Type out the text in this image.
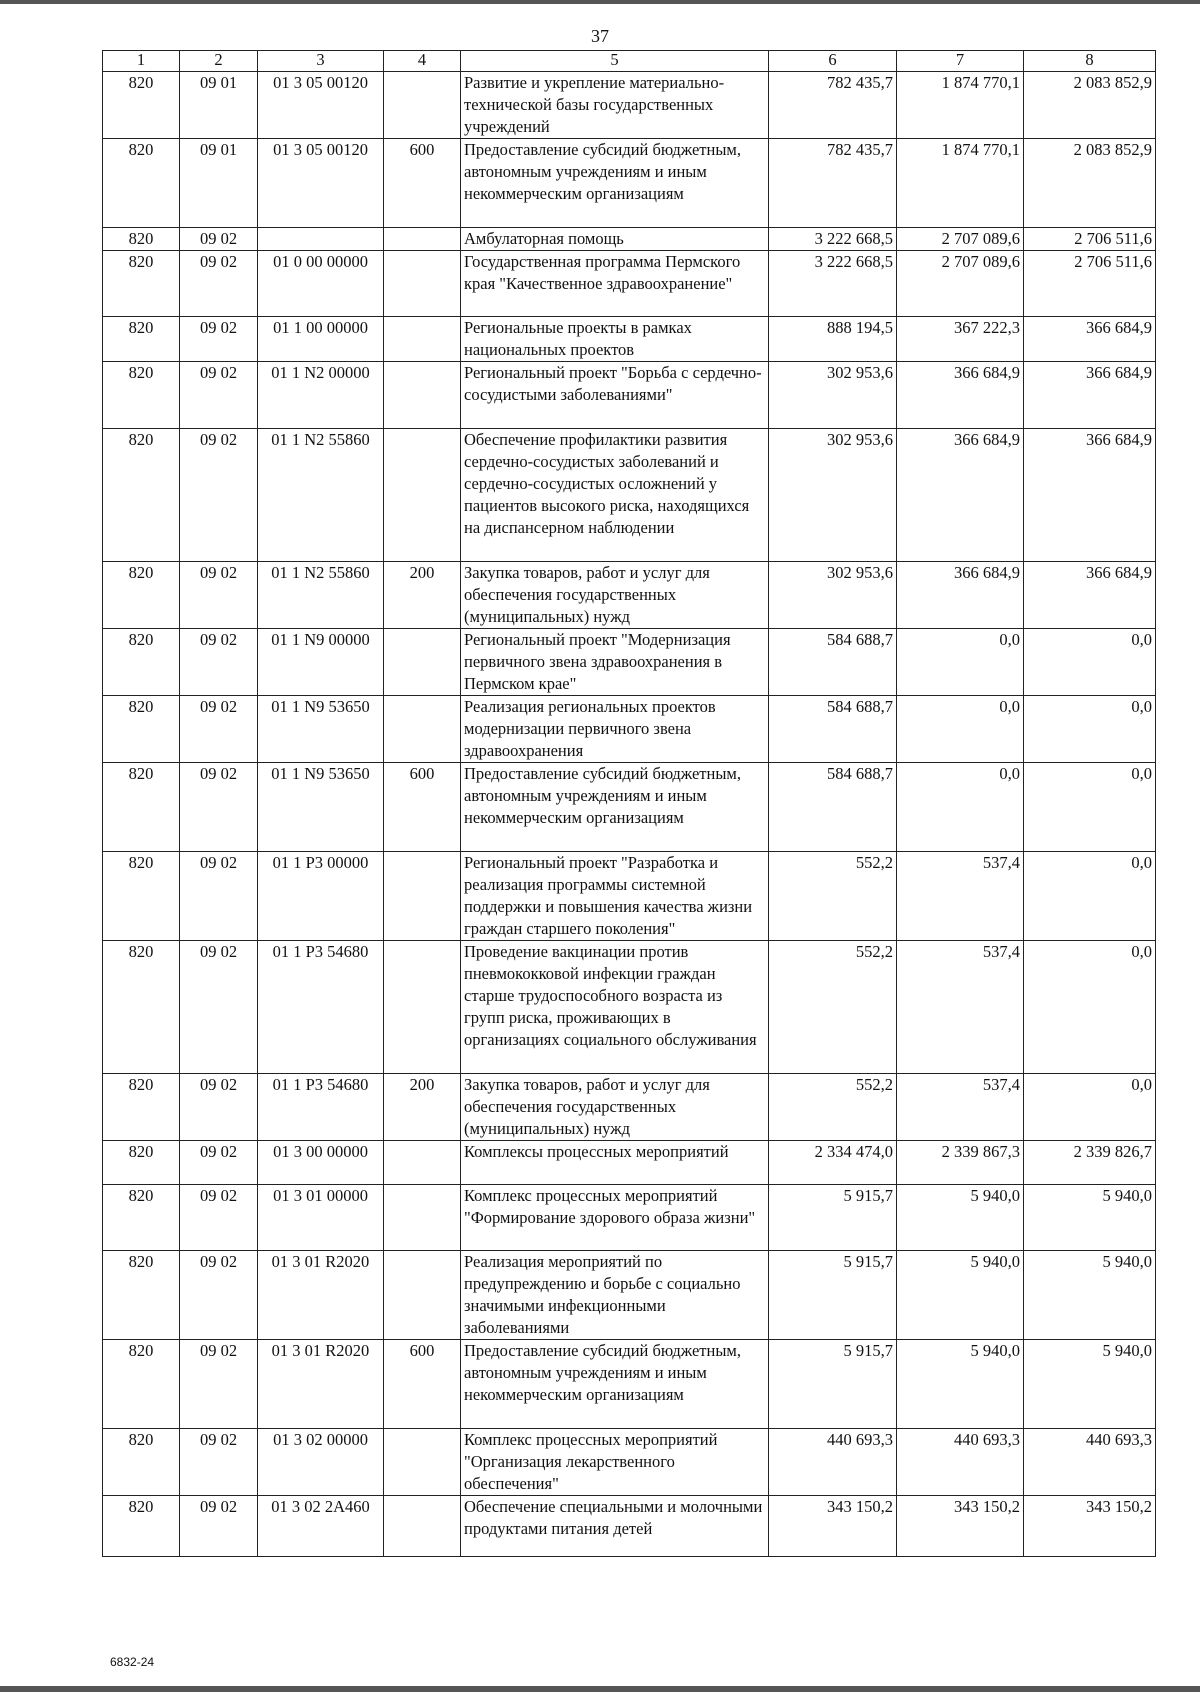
37
1	2	3	4	5	6	7	8
820	09 01	01 3 05 00120		Развитие и укрепление материально-технической базы государственных учреждений	782 435,7	1 874 770,1	2 083 852,9
820	09 01	01 3 05 00120	600	Предоставление субсидий бюджетным, автономным учреждениям и иным некоммерческим организациям	782 435,7	1 874 770,1	2 083 852,9
820	09 02			Амбулаторная помощь	3 222 668,5	2 707 089,6	2 706 511,6
820	09 02	01 0 00 00000		Государственная программа Пермского края "Качественное здравоохранение"	3 222 668,5	2 707 089,6	2 706 511,6
820	09 02	01 1 00 00000		Региональные проекты в рамках национальных проектов	888 194,5	367 222,3	366 684,9
820	09 02	01 1 N2 00000		Региональный проект "Борьба с сердечно-сосудистыми заболеваниями"	302 953,6	366 684,9	366 684,9
820	09 02	01 1 N2 55860		Обеспечение профилактики развития сердечно-сосудистых заболеваний и сердечно-сосудистых осложнений у пациентов высокого риска, находящихся на диспансерном наблюдении	302 953,6	366 684,9	366 684,9
820	09 02	01 1 N2 55860	200	Закупка товаров, работ и услуг для обеспечения государственных (муниципальных) нужд	302 953,6	366 684,9	366 684,9
820	09 02	01 1 N9 00000		Региональный проект "Модернизация первичного звена здравоохранения в Пермском крае"	584 688,7	0,0	0,0
820	09 02	01 1 N9 53650		Реализация региональных проектов модернизации первичного звена здравоохранения	584 688,7	0,0	0,0
820	09 02	01 1 N9 53650	600	Предоставление субсидий бюджетным, автономным учреждениям и иным некоммерческим организациям	584 688,7	0,0	0,0
820	09 02	01 1 P3 00000		Региональный проект "Разработка и реализация программы системной поддержки и повышения качества жизни граждан старшего поколения"	552,2	537,4	0,0
820	09 02	01 1 P3 54680		Проведение вакцинации против пневмококковой инфекции граждан старше трудоспособного возраста из групп риска, проживающих в организациях социального обслуживания	552,2	537,4	0,0
820	09 02	01 1 P3 54680	200	Закупка товаров, работ и услуг для обеспечения государственных (муниципальных) нужд	552,2	537,4	0,0
820	09 02	01 3 00 00000		Комплексы процессных мероприятий	2 334 474,0	2 339 867,3	2 339 826,7
820	09 02	01 3 01 00000		Комплекс процессных мероприятий "Формирование здорового образа жизни"	5 915,7	5 940,0	5 940,0
820	09 02	01 3 01 R2020		Реализация мероприятий по предупреждению и борьбе с социально значимыми инфекционными заболеваниями	5 915,7	5 940,0	5 940,0
820	09 02	01 3 01 R2020	600	Предоставление субсидий бюджетным, автономным учреждениям и иным некоммерческим организациям	5 915,7	5 940,0	5 940,0
820	09 02	01 3 02 00000		Комплекс процессных мероприятий "Организация лекарственного обеспечения"	440 693,3	440 693,3	440 693,3
820	09 02	01 3 02 2A460		Обеспечение специальными и молочными продуктами питания детей	343 150,2	343 150,2	343 150,2
6832-24
